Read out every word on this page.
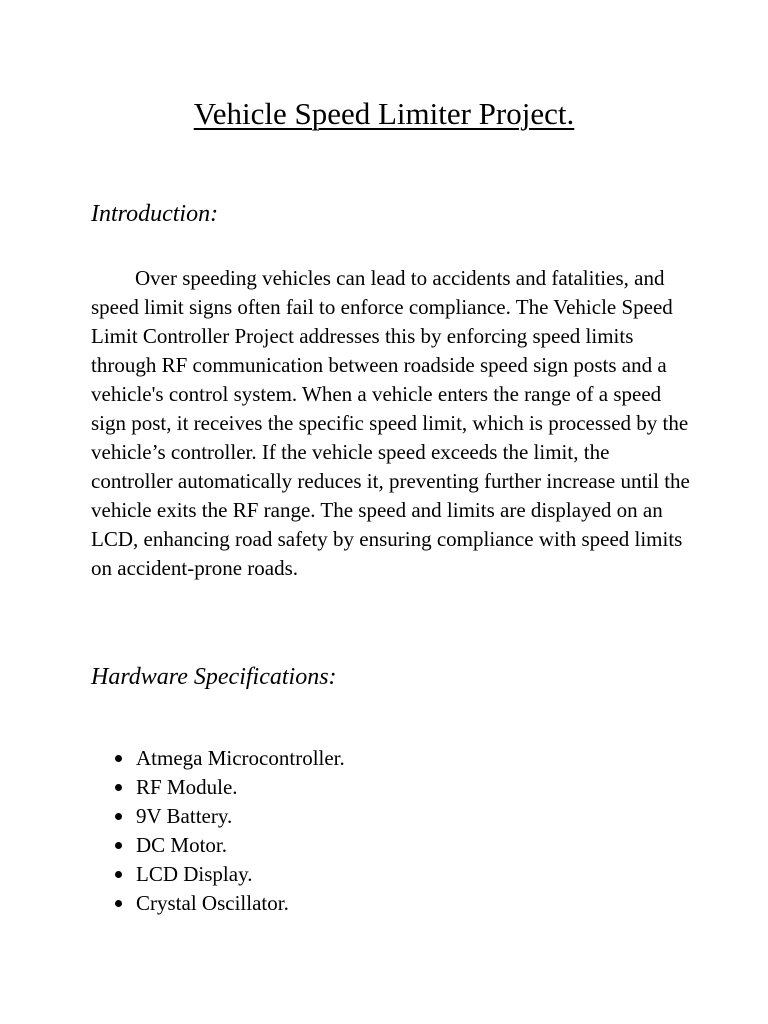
Vehicle Speed Limiter Project.
Introduction:

Over speeding vehicles can lead to accidents and fatalities, and speed limit signs often fail to enforce compliance. The Vehicle Speed Limit Controller Project addresses this by enforcing speed limits through RF communication between roadside speed sign posts and a vehicle's control system. When a vehicle enters the range of a speed sign post, it receives the specific speed limit, which is processed by the vehicle’s controller. If the vehicle speed exceeds the limit, the controller automatically reduces it, preventing further increase until the vehicle exits the RF range. The speed and limits are displayed on an LCD, enhancing road safety by ensuring compliance with speed limits on accident-prone roads.

Hardware Specifications:
Atmega Microcontroller.
RF Module.
9V Battery.
DC Motor.
LCD Display.
Crystal Oscillator.
